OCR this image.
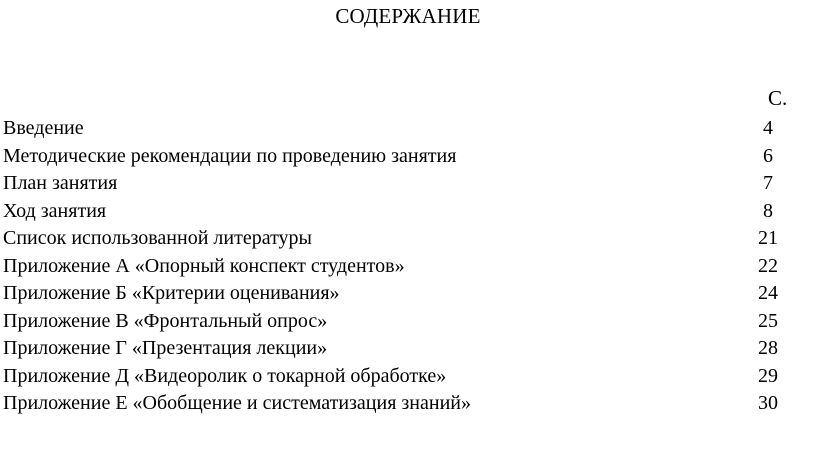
СОДЕРЖАНИЕ
С.
Введение	4
Методические рекомендации по проведению занятия	6
План занятия	7
Ход занятия	8
Список использованной литературы	21
Приложение А «Опорный конспект студентов»	22
Приложение Б «Критерии оценивания»	24
Приложение В «Фронтальный опрос»	25
Приложение Г «Презентация лекции»	28
Приложение Д «Видеоролик о токарной обработке»	29
Приложение Е «Обобщение и систематизация знаний»	30
